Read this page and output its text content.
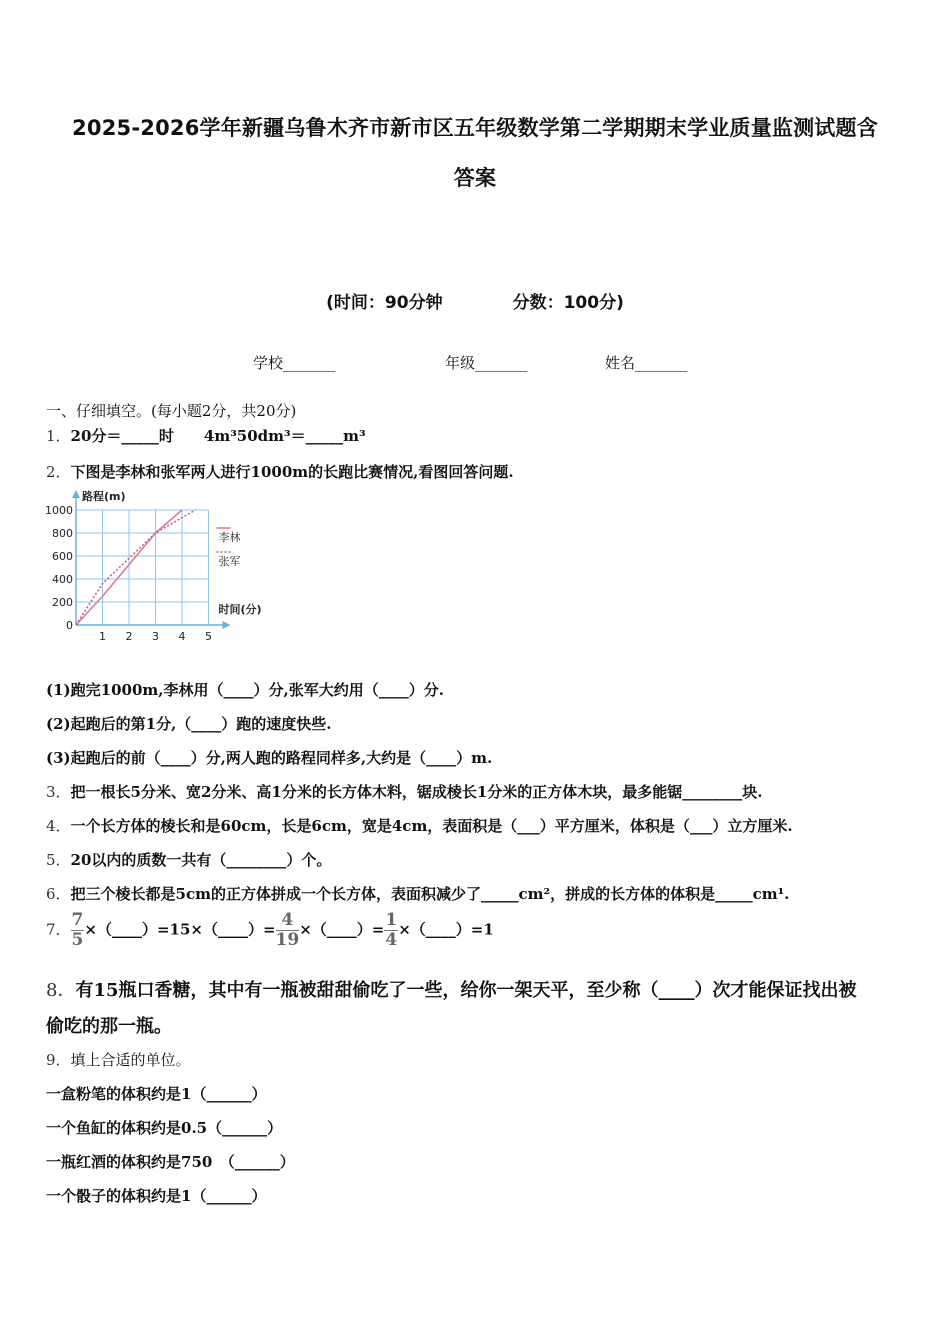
2025-2026学年新疆乌鲁木齐市新市区五年级数学第二学期期末学业质量监测试题含
答案
(时间：90分钟	分数：100分)
学校_______	年级_______	姓名_______
一、仔细填空。(每小题2分，共20分)
1．20分＝_____时　　4m³50dm³＝_____m³
2．下图是李林和张军两人进行1000m的长跑比赛情况,看图回答问题.
1 2 3 4 5
0
200
400
600
800
1000
路程(m)
时间(分)
李林
张军
(1)跑完1000m,李林用（____）分,张军大约用（____）分.
(2)起跑后的第1分,（____）跑的速度快些.
(3)起跑后的前（____）分,两人跑的路程同样多,大约是（____）m.
3．把一根长5分米、宽2分米、高1分米的长方体木料，锯成棱长1分米的正方体木块，最多能锯________块.
4．一个长方体的棱长和是60cm，长是6cm，宽是4cm，表面积是（___）平方厘米，体积是（___）立方厘米.
5．20以内的质数一共有（________）个。
6．把三个棱长都是5cm的正方体拼成一个长方体，表面积减少了_____cm²，拼成的长方体的体积是_____cm¹.
7． $\frac{7}{5}$ ×（____）=15×（____）= $\frac{4}{19}$ ×（____）= $\frac{1}{4}$ ×（____）=1
8．有15瓶口香糖，其中有一瓶被甜甜偷吃了一些，给你一架天平，至少称（____）次才能保证找出被
偷吃的那一瓶。
9．填上合适的单位。
一盒粉笔的体积约是1（______）
一个鱼缸的体积约是0.5（______）
一瓶红酒的体积约是750　（______）
一个骰子的体积约是1（______）
